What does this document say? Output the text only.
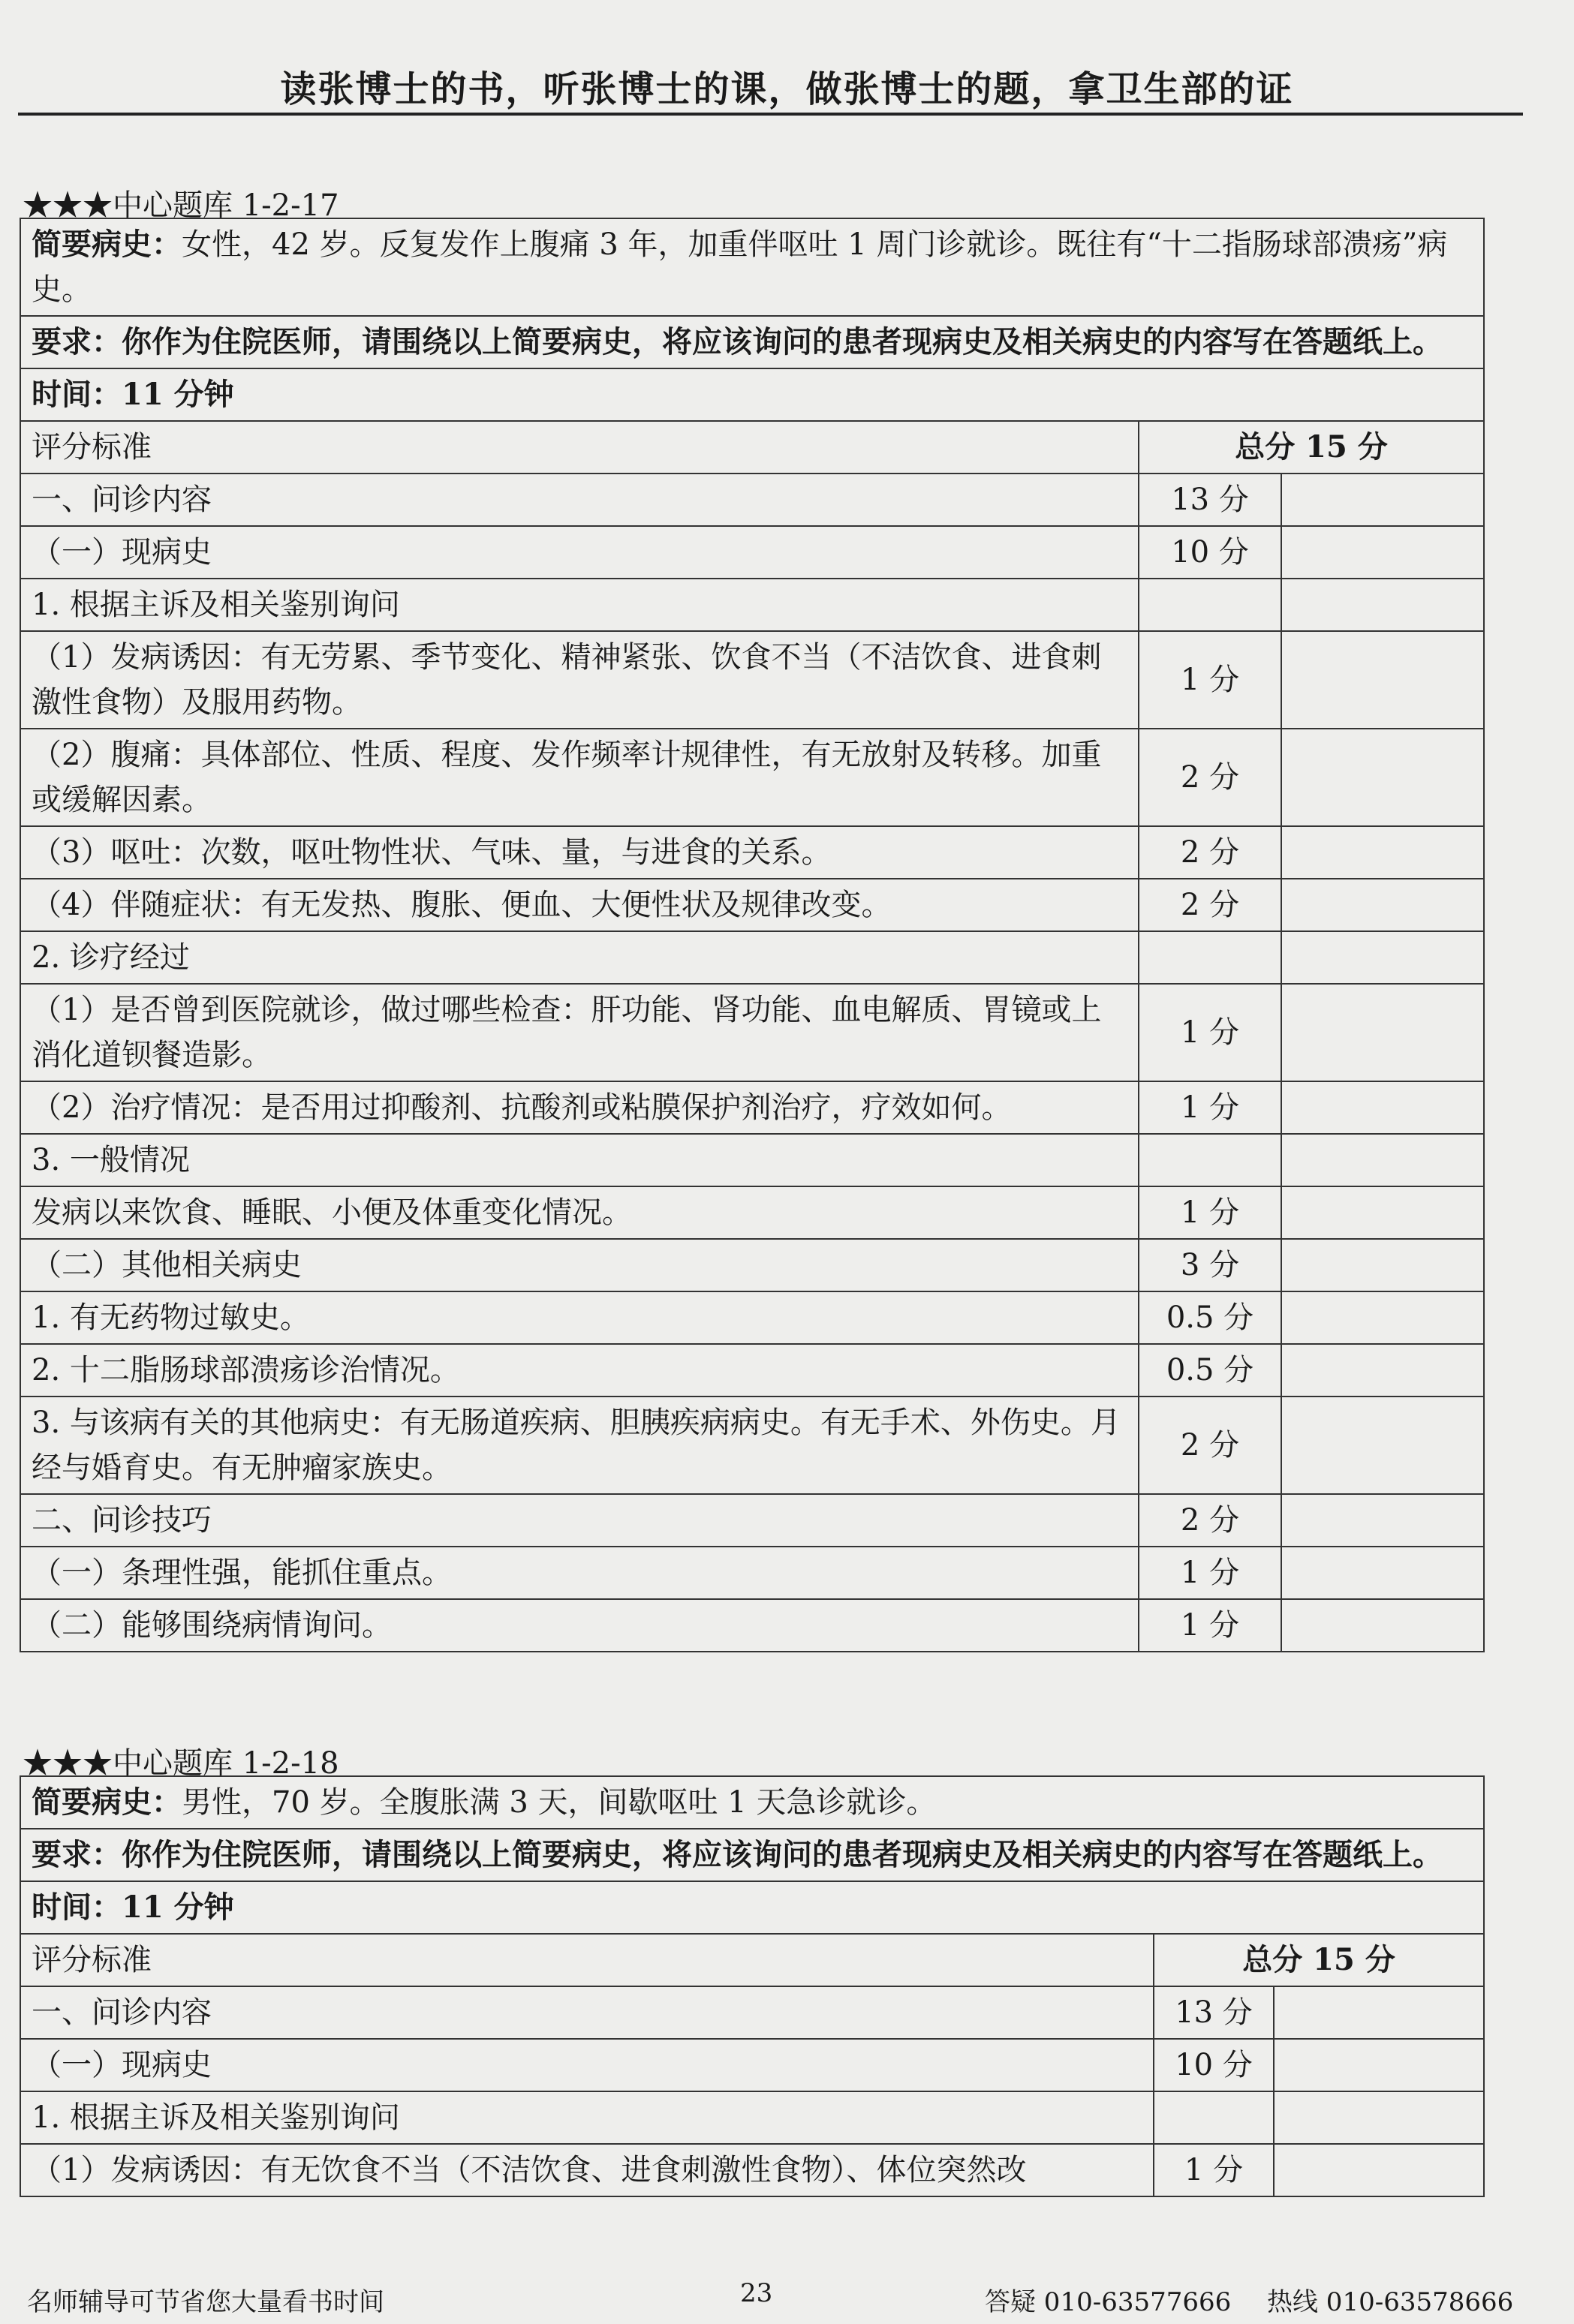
读张博士的书，听张博士的课，做张博士的题，拿卫生部的证
★★★中心题库 1-2-17
简要病史：女性，42 岁。反复发作上腹痛 3 年，加重伴呕吐 1 周门诊就诊。既往有“十二指肠球部溃疡”病史。		
要求：你作为住院医师，请围绕以上简要病史，将应该询问的患者现病史及相关病史的内容写在答题纸上。		
时间：11 分钟		
评分标准	总分 15 分	
一、问诊内容	13 分	
（一）现病史	10 分	
1. 根据主诉及相关鉴别询问		
（1）发病诱因：有无劳累、季节变化、精神紧张、饮食不当（不洁饮食、进食刺激性食物）及服用药物。	1 分	
（2）腹痛：具体部位、性质、程度、发作频率计规律性，有无放射及转移。加重或缓解因素。	2 分	
（3）呕吐：次数，呕吐物性状、气味、量，与进食的关系。	2 分	
（4）伴随症状：有无发热、腹胀、便血、大便性状及规律改变。	2 分	
2. 诊疗经过		
（1）是否曾到医院就诊，做过哪些检查：肝功能、肾功能、血电解质、胃镜或上消化道钡餐造影。	1 分	
（2）治疗情况：是否用过抑酸剂、抗酸剂或粘膜保护剂治疗，疗效如何。	1 分	
3. 一般情况		
发病以来饮食、睡眠、小便及体重变化情况。	1 分	
（二）其他相关病史	3 分	
1. 有无药物过敏史。	0.5 分	
2. 十二脂肠球部溃疡诊治情况。	0.5 分	
3. 与该病有关的其他病史：有无肠道疾病、胆胰疾病病史。有无手术、外伤史。月经与婚育史。有无肿瘤家族史。	2 分	
二、问诊技巧	2 分	
（一）条理性强，能抓住重点。	1 分	
（二）能够围绕病情询问。	1 分	
★★★中心题库 1-2-18
简要病史：男性，70 岁。全腹胀满 3 天，间歇呕吐 1 天急诊就诊。		
要求：你作为住院医师，请围绕以上简要病史，将应该询问的患者现病史及相关病史的内容写在答题纸上。		
时间：11 分钟		
评分标准	总分 15 分	
一、问诊内容	13 分	
（一）现病史	10 分	
1. 根据主诉及相关鉴别询问		
（1）发病诱因：有无饮食不当（不洁饮食、进食刺激性食物）、体位突然改	1 分	
名师辅导可节省您大量看书时间	23	答疑 010-63577666 热线 010-63578666
